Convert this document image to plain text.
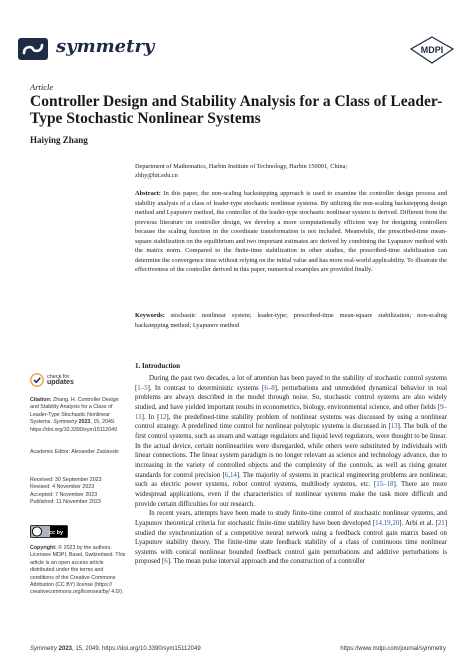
symmetry	MDPI
Article
Controller Design and Stability Analysis for a Class of Leader-Type Stochastic Nonlinear Systems
Haiying Zhang
Department of Mathematics, Harbin Institute of Technology, Harbin 150001, China;
zhhy@hit.edu.cn

Abstract: In this paper, the non-scaling backstepping approach is used to examine the controller design process and stability analysis of a class of leader-type stochastic nonlinear systems. By utilizing the non-scaling backstepping design method and Lyapunov method, the controller of the leader-type stochastic nonlinear system is derived. Different from the previous literature on controller design, we develop a more computationally efficient way for designing controllers because the scaling function in the coordinate transformation is not included. Meanwhile, the prescribed-time mean-square stabilization on the equilibrium and two important estimates are derived by combining the Lyapunov method with the matrix norm. Compared to the finite-time stabilization in other studies, the prescribed-time stabilization can determine the convergence time without relying on the initial value and has more real-world applicability. To illustrate the effectiveness of the controller derived in this paper, numerical examples are provided finally.

Keywords: stochastic nonlinear system; leader-type; prescribed-time mean-square stabilization; non-scaling backstepping method; Lyapunov method

check for
updates
Citation: Zhang, H. Controller Design and Stability Analysis for a Class of Leader-Type Stochastic Nonlinear Systems. Symmetry 2023, 15, 2049. https://doi.org/10.3390/sym15112049
Academic Editor: Alexander Zaslavski
Received: 30 September 2023
Revised: 4 November 2023
Accepted: 7 November 2023
Published: 11 November 2023
cc by
Copyright: © 2023 by the authors. Licensee MDPI, Basel, Switzerland. This article is an open access article distributed under the terms and conditions of the Creative Commons Attribution (CC BY) license (https:// creativecommons.org/licenses/by/ 4.0/).
1. Introduction

During the past two decades, a lot of attention has been payed to the stability of stochastic control systems [1–5]. In contrast to deterministic systems [6–8], perturbations and unmodeled dynamical behavior in real problems are always described in the model through noise. So, stochastic control systems are also widely studied, and have yielded important results in econometrics, biology, environmental science, and other fields [9–11]. In [12], the predefined-time stability problem of nonlinear systems was discussed by using a nonlinear control strategy. A predefined time control for nonlinear polytopic systems is discussed in [13]. The bulk of the first control systems, such as steam and wattage regulators and liquid level regulators, were thought to be linear. In the actual device, certain nonlinearities were disregarded, while others were substituted by individuals with linear connections. The linear system paradigm is no longer relevant as science and technology advance, due to increasing in the variety of controlled objects and the complexity of the controls, as well as rising greater standards for control precision [6,14]. The majority of systems in practical engineering problems are nonlinear, such as electric power systems, robot control systems, multibody systems, etc. [15–18]. There are more widespread applications, even if the characteristics of nonlinear systems make the task more difficult and provide certain difficulties for our research.

In recent years, attempts have been made to study finite-time control of stochastic nonlinear systems, and Lyapunov theoretical criteria for stochastic finite-time stability have been developed [14,19,20]. Arbi et al. [21] studied the synchronization of a competitive neural network using a feedback control gain matrix based on Lyapunov stability theory. The finite-time state feedback stability of a class of continuous time nonlinear systems with conical nonlinear bounded feedback control gain perturbations and additive perturbations is proposed [6]. The mean pulse interval approach and the construction of a controller

Symmetry 2023, 15, 2049. https://doi.org/10.3390/sym15112049	https://www.mdpi.com/journal/symmetry
